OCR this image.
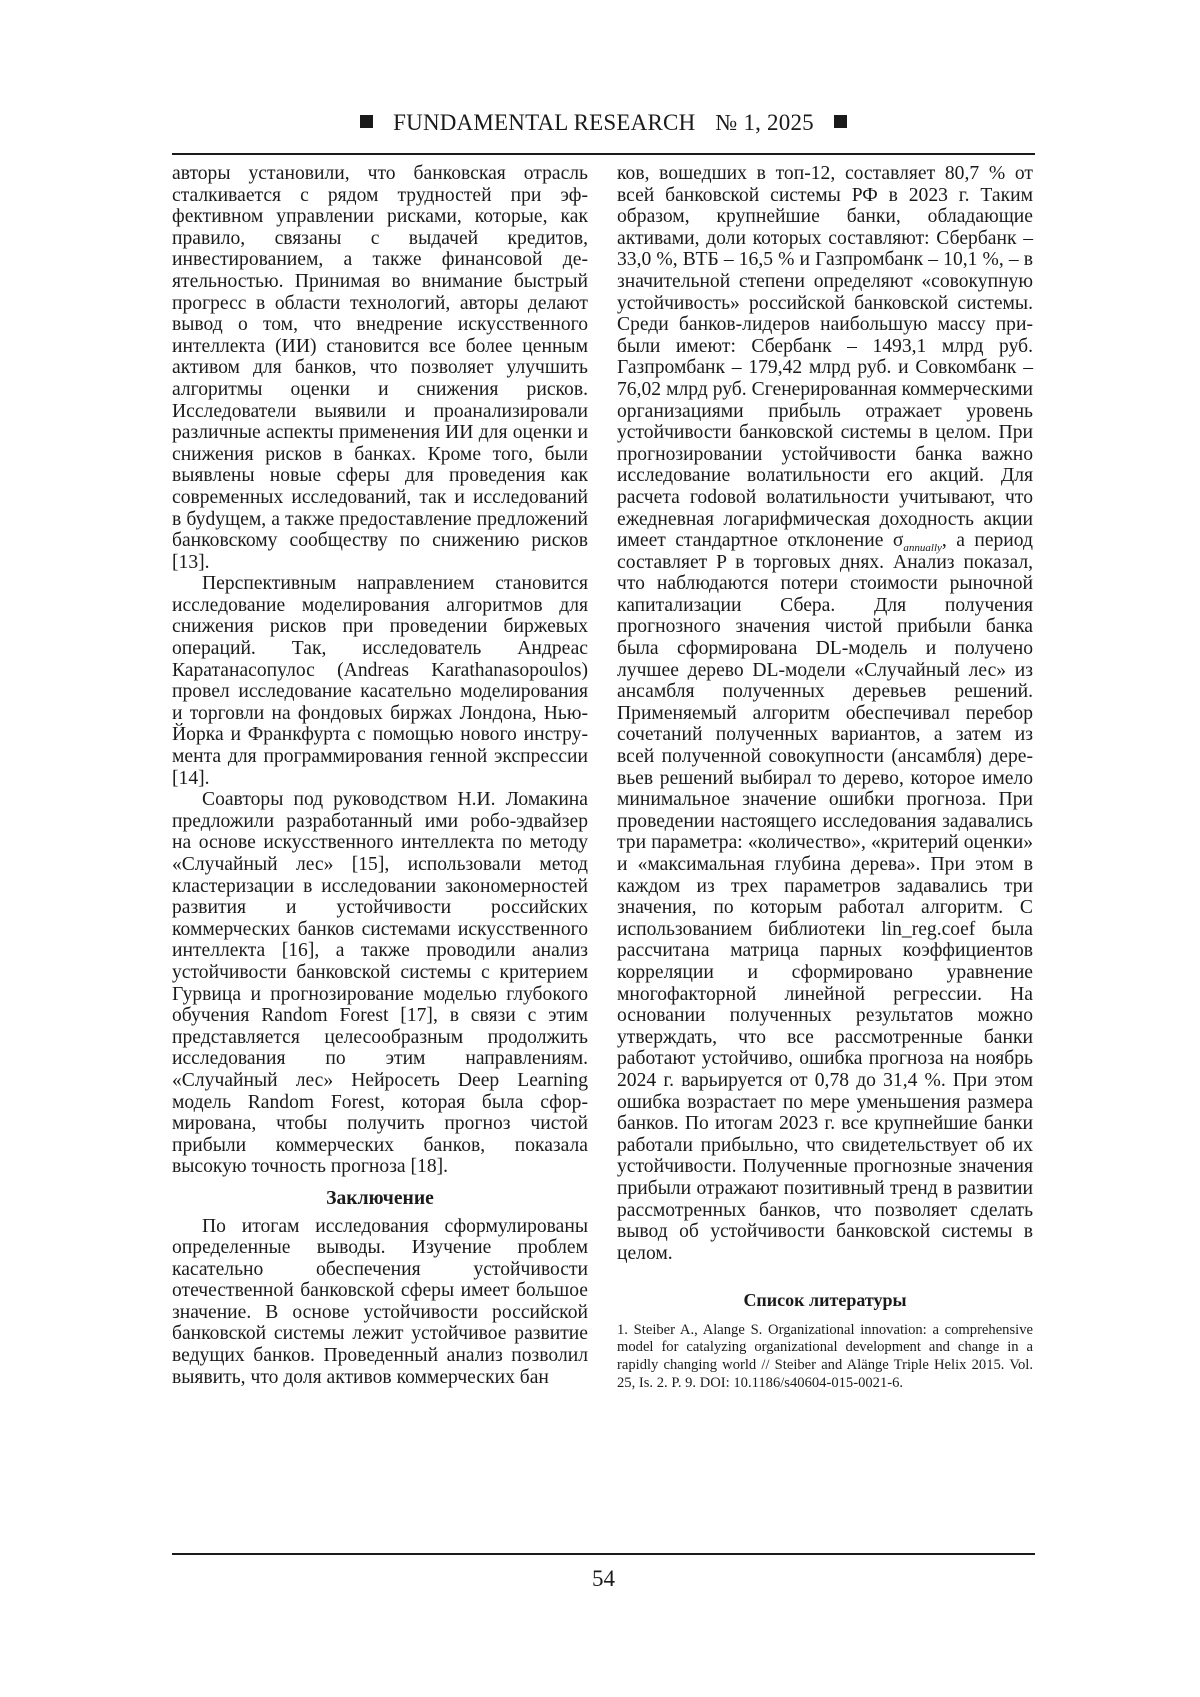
FUNDAMENTAL RESEARCH № 1, 2025

авторы установили, что банковская отрасль сталкивается с рядом трудностей при эффективном управлении рисками, которые, как правило, связаны с выдачей кредитов, инвестированием, а также финансовой деятельностью. Принимая во внимание быстрый прогресс в области технологий, авторы делают вывод о том, что внедрение искусственного интеллекта (ИИ) становится все более ценным активом для банков, что позволяет улучшить алгоритмы оценки и снижения рисков. Исследователи выявили и проанализировали различные аспекты применения ИИ для оценки и снижения рисков в банках. Кроме того, были выявлены новые сферы для проведения как современных исследований, так и исследований в буdущем, а также предоставление предложений банковскому сообществу по снижению рисков [13].

Перспективным направлением становится исследование моделирования алгоритмов для снижения рисков при проведении биржевых операций. Так, исследователь Андреас Каратанасопулос (Andreas Karathanasopoulos) провел исследование касательно моделирования и торговли на фондовых биржах Лондона, Нью-Йорка и Франкфурта с помощью нового инструмента для программирования генной экспрессии [14].

Соавторы под руководством Н.И. Ломакина предложили разработанный ими робо-эдвайзер на основе искусственного интеллекта по методу «Случайный лес» [15], использовали метод кластеризации в исследовании закономерностей развития и устойчивости российских коммерческих банков системами искусственного интеллекта [16], а также проводили анализ устойчивости банковской системы с критерием Гурвица и прогнозирование моделью глубокого обучения Random Forest [17], в связи с этим представляется целесообразным продолжить исследования по этим направлениям. «Случайный лес» Нейросеть Deep Learning модель Random Forest, которая была сформирована, чтобы получить прогноз чистой прибыли коммерческих банков, показала высокую точность прогноза [18].

Заключение

По итогам исследования сформулированы определенные выводы. Изучение проблем касательно обеспечения устойчивости отечественной банковской сферы имеет большое значение. В основе устойчивости российской банковской системы лежит устойчивое развитие ведущих банков. Проведенный анализ позволил выявить, что доля активов коммерческих бан

ков, вошедших в топ-12, составляет 80,7 % от всей банковской системы РФ в 2023 г. Таким образом, крупнейшие банки, обладающие активами, доли которых составляют: Сбербанк – 33,0 %, ВТБ – 16,5 % и Газпромбанк – 10,1 %, – в значительной степени определяют «совокупную устойчивость» российской банковской системы. Среди банков-лидеров наибольшую массу прибыли имеют: Сбербанк – 1493,1 млрд руб. Газпромбанк – 179,42 млрд руб. и Совкомбанк – 76,02 млрд руб. Сгенерированная коммерческими организациями прибыль отражает уровень устойчивости банковской системы в целом. При прогнозировании устойчивости банка важно исследование волатильности его акций. Для расчета гоdовой волатильности учитывают, что ежедневная логарифмическая доходность акции имеет стандартное отклонение $\sigma_{annually}$, а период составляет P в торговых днях. Анализ показал, что наблюдаются потери стоимости рыночной капитализации Сбера. Для получения прогнозного значения чистой прибыли банка была сформирована DL-модель и получено лучшее дерево DL-модели «Случайный лес» из ансамбля полученных деревьев решений. Применяемый алгоритм обеспечивал перебор сочетаний полученных вариантов, а затем из всей полученной совокупности (ансамбля) деревьев решений выбирал то дерево, которое имело минимальное значение ошибки прогноза. При проведении настоящего исследования задавались три параметра: «количество», «критерий оценки» и «максимальная глубина дерева». При этом в каждом из трех параметров задавались три значения, по которым работал алгоритм. С использованием библиотеки lin_reg.coef была рассчитана матрица парных коэффициентов корреляции и сформировано уравнение многофакторной линейной регрессии. На основании полученных результатов можно утверждать, что все рассмотренные банки работают устойчиво, ошибка прогноза на ноябрь 2024 г. варьируется от 0,78 до 31,4 %. При этом ошибка возрастает по мере уменьшения размера банков. По итогам 2023 г. все крупнейшие банки работали прибыльно, что свидетельствует об их устойчивости. Полученные прогнозные значения прибыли отражают позитивный тренд в развитии рассмотренных банков, что позволяет сделать вывод об устойчивости банковской системы в целом.

Список литературы

1. Steiber A., Alange S. Organizational innovation: a comprehensive model for catalyzing organizational development and change in a rapidly changing world // Steiber and Alänge Triple Helix 2015. Vol. 25, Is. 2. P. 9. DOI: 10.1186/s40604-015-0021-6.

54
